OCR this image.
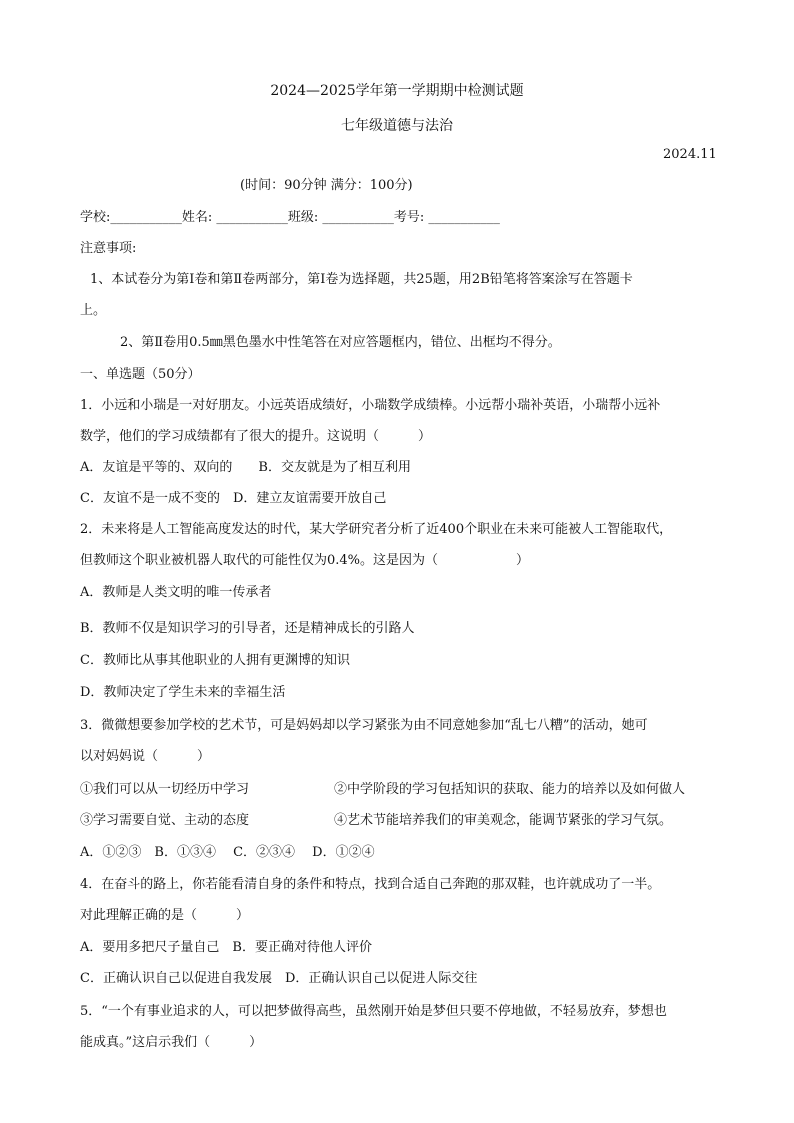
2024—2025学年第一学期期中检测试题
七年级道德与法治
2024.11
(时间：90分钟 满分：100分)
学校:___________姓名: ___________班级: ___________考号: ___________
注意事项:
1、本试卷分为第Ⅰ卷和第Ⅱ卷两部分，第Ⅰ卷为选择题，共25题，用2B铅笔将答案涂写在答题卡
上。
2、第Ⅱ卷用0.5㎜黑色墨水中性笔答在对应答题框内，错位、出框均不得分。
一、单选题（50分）
1．小远和小瑞是一对好朋友。小远英语成绩好，小瑞数学成绩棒。小远帮小瑞补英语，小瑞帮小远补
数学，他们的学习成绩都有了很大的提升。这说明（　　　）
A．友谊是平等的、双向的　　B．交友就是为了相互利用
C．友谊不是一成不变的　D．建立友谊需要开放自己
2．未来将是人工智能高度发达的时代，某大学研究者分析了近400个职业在未来可能被人工智能取代，
但教师这个职业被机器人取代的可能性仅为0.4%。这是因为（　　　　　　）
A．教师是人类文明的唯一传承者
B．教师不仅是知识学习的引导者，还是精神成长的引路人
C．教师比从事其他职业的人拥有更渊博的知识
D．教师决定了学生未来的幸福生活
3．微微想要参加学校的艺术节，可是妈妈却以学习紧张为由不同意她参加“乱七八糟”的活动，她可
以对妈妈说（　　　）
①我们可以从一切经历中学习	②中学阶段的学习包括知识的获取、能力的培养以及如何做人
③学习需要自觉、主动的态度	④艺术节能培养我们的审美观念，能调节紧张的学习气氛。
A．①②③　B．①③④　 C．②③④　 D．①②④
4．在奋斗的路上，你若能看清自身的条件和特点，找到合适自己奔跑的那双鞋，也许就成功了一半。
对此理解正确的是（　　　）
A．要用多把尺子量自己　B．要正确对待他人评价
C．正确认识自己以促进自我发展　D．正确认识自己以促进人际交往
5．“一个有事业追求的人，可以把梦做得高些，虽然刚开始是梦但只要不停地做，不轻易放弃，梦想也
能成真。”这启示我们（　　　）
